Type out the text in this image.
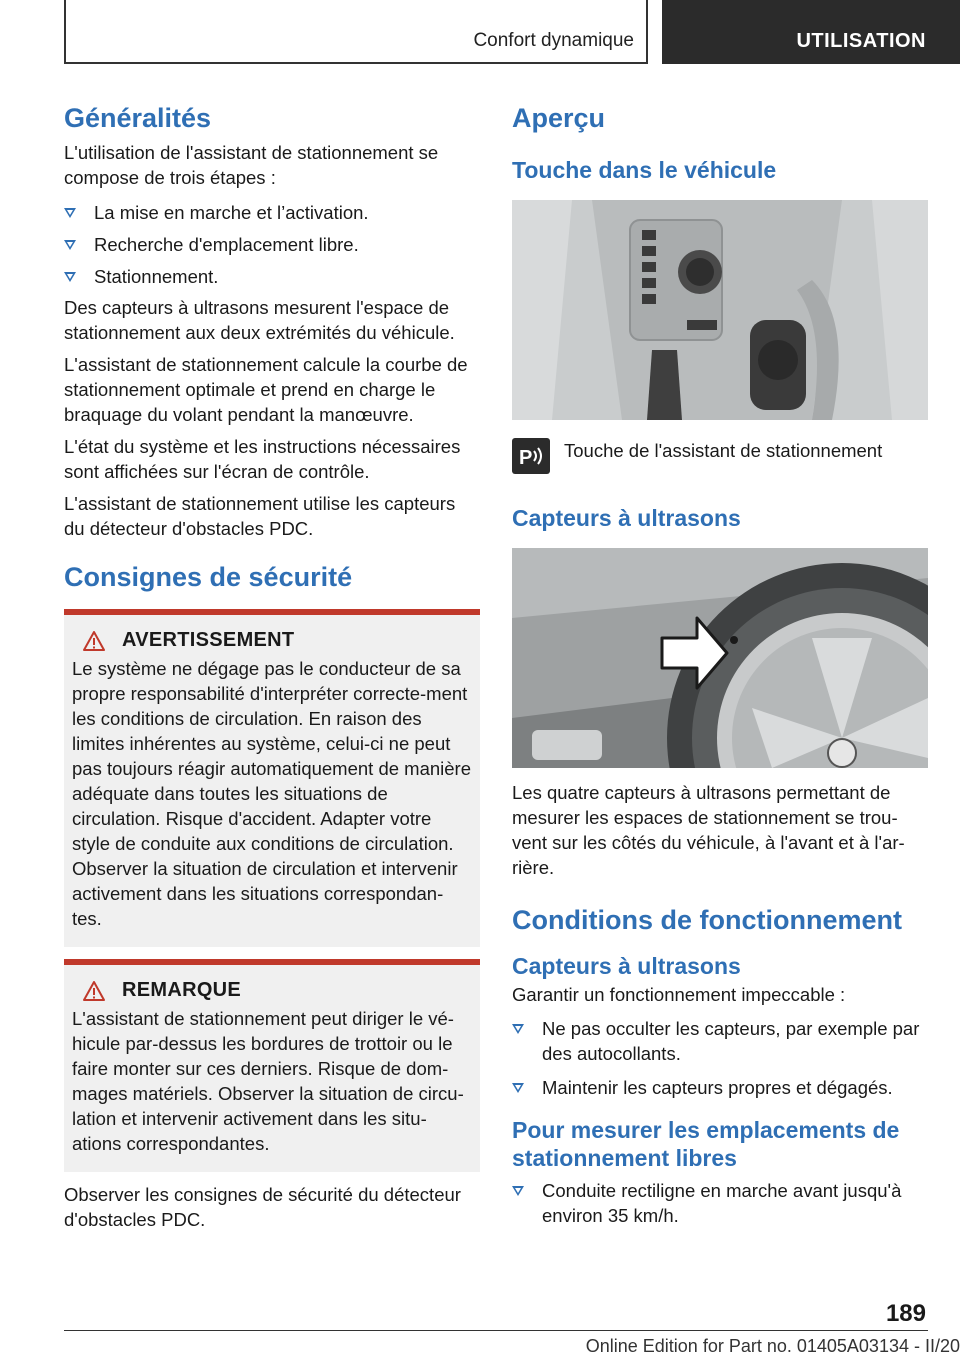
Confort dynamique	UTILISATION
Généralités

L'utilisation de l'assistant de stationnement se compose de trois étapes :

La mise en marche et l’activation.
Recherche d'emplacement libre.
Stationnement.

Des capteurs à ultrasons mesurent l'espace de stationnement aux deux extrémités du véhicule.

L'assistant de stationnement calcule la courbe de stationnement optimale et prend en charge le braquage du volant pendant la manœuvre.

L'état du système et les instructions nécessaires sont affichées sur l'écran de contrôle.

L'assistant de stationnement utilise les capteurs du détecteur d'obstacles PDC.

Consignes de sécurité
AVERTISSEMENT

Le système ne dégage pas le conducteur de sa propre responsabilité d'interpréter correcte-ment les conditions de circulation. En raison des limites inhérentes au système, celui-ci ne peut pas toujours réagir automatiquement de manière adéquate dans toutes les situations de circulation. Risque d'accident. Adapter votre style de conduite aux conditions de circulation. Observer la situation de circulation et intervenir activement dans les situations correspondan-tes.

REMARQUE

L'assistant de stationnement peut diriger le vé-hicule par-dessus les bordures de trottoir ou le faire monter sur ces derniers. Risque de dom-mages matériels. Observer la situation de circu-lation et intervenir activement dans les situ-ations correspondantes.

Observer les consignes de sécurité du détecteur d'obstacles PDC.

Aperçu
Touche dans le véhicule
P Touche de l'assistant de stationnement

Capteurs à ultrasons

Les quatre capteurs à ultrasons permettant de mesurer les espaces de stationnement se trou-vent sur les côtés du véhicule, à l'avant et à l'ar-rière.

Conditions de fonctionnement
Capteurs à ultrasons

Garantir un fonctionnement impeccable :

Ne pas occulter les capteurs, par exemple par des autocollants.
Maintenir les capteurs propres et dégagés.
Pour mesurer les emplacements de stationnement libres
Conduite rectiligne en marche avant jusqu'à environ 35 km/h.
189
Online Edition for Part no. 01405A03134 - II/20
